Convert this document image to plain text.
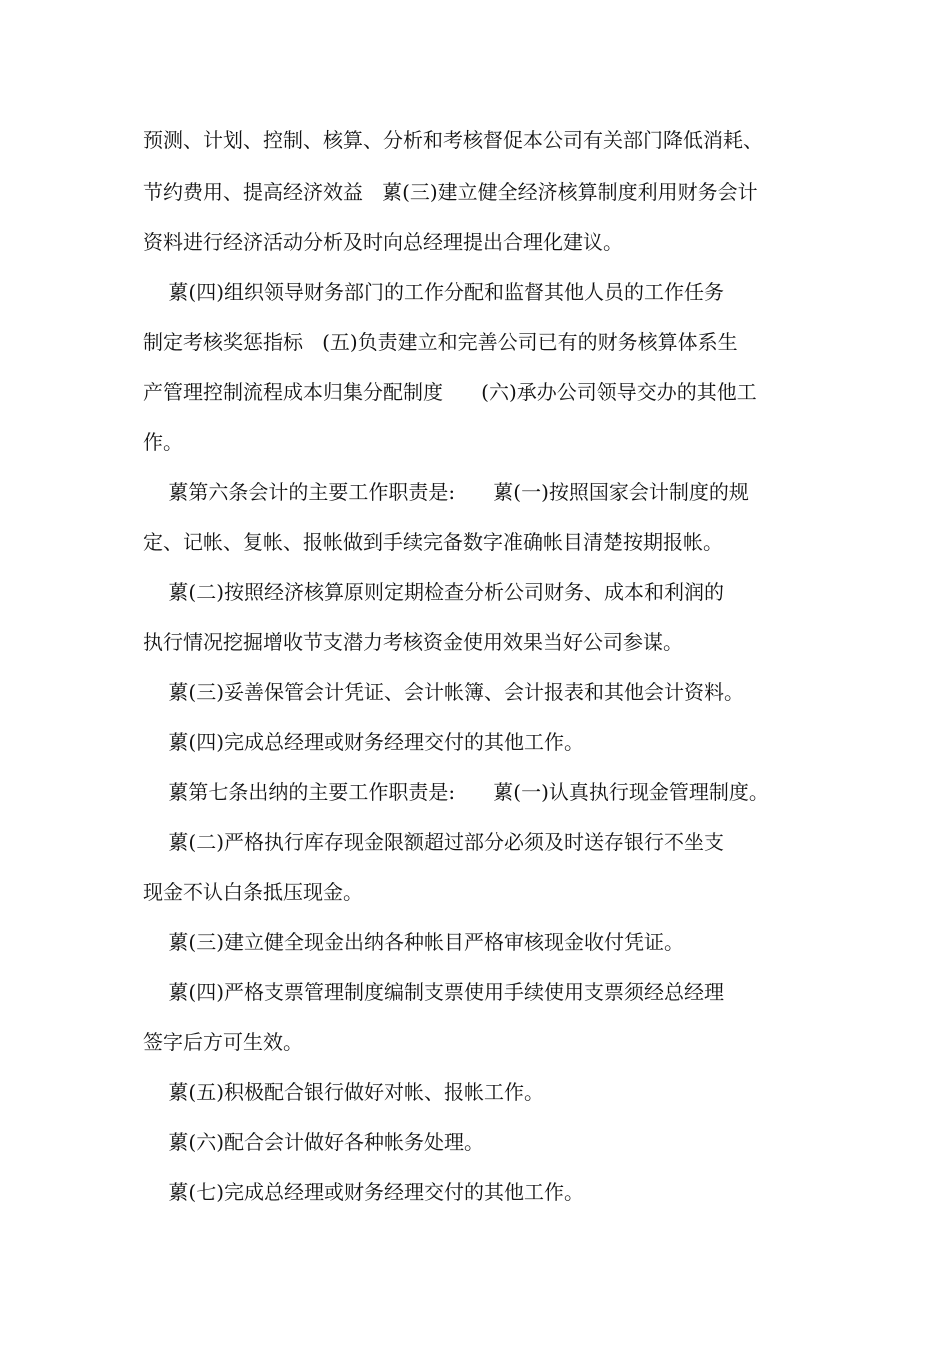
预测、计划、控制、核算、分析和考核督促本公司有关部门降低消耗、
节约费用、提高经济效益   蔂(三)建立健全经济核算制度利用财务会计
资料进行经济活动分析及时向总经理提出合理化建议。
蔂(四)组织领导财务部门的工作分配和监督其他人员的工作任务
制定考核奖惩指标   (五)负责建立和完善公司已有的财务核算体系生
产管理控制流程成本归集分配制度      (六)承办公司领导交办的其他工
作。
蔂第六条会计的主要工作职责是:      蔂(一)按照国家会计制度的规
定、记帐、复帐、报帐做到手续完备数字准确帐目清楚按期报帐。
蔂(二)按照经济核算原则定期检查分析公司财务、成本和利润的
执行情况挖掘增收节支潜力考核资金使用效果当好公司参谋。
蔂(三)妥善保管会计凭证、会计帐簿、会计报表和其他会计资料。
蔂(四)完成总经理或财务经理交付的其他工作。
蔂第七条出纳的主要工作职责是:      蔂(一)认真执行现金管理制度。
蔂(二)严格执行库存现金限额超过部分必须及时送存银行不坐支
现金不认白条抵压现金。
蔂(三)建立健全现金出纳各种帐目严格审核现金收付凭证。
蔂(四)严格支票管理制度编制支票使用手续使用支票须经总经理
签字后方可生效。
蔂(五)积极配合银行做好对帐、报帐工作。
蔂(六)配合会计做好各种帐务处理。
蔂(七)完成总经理或财务经理交付的其他工作。
